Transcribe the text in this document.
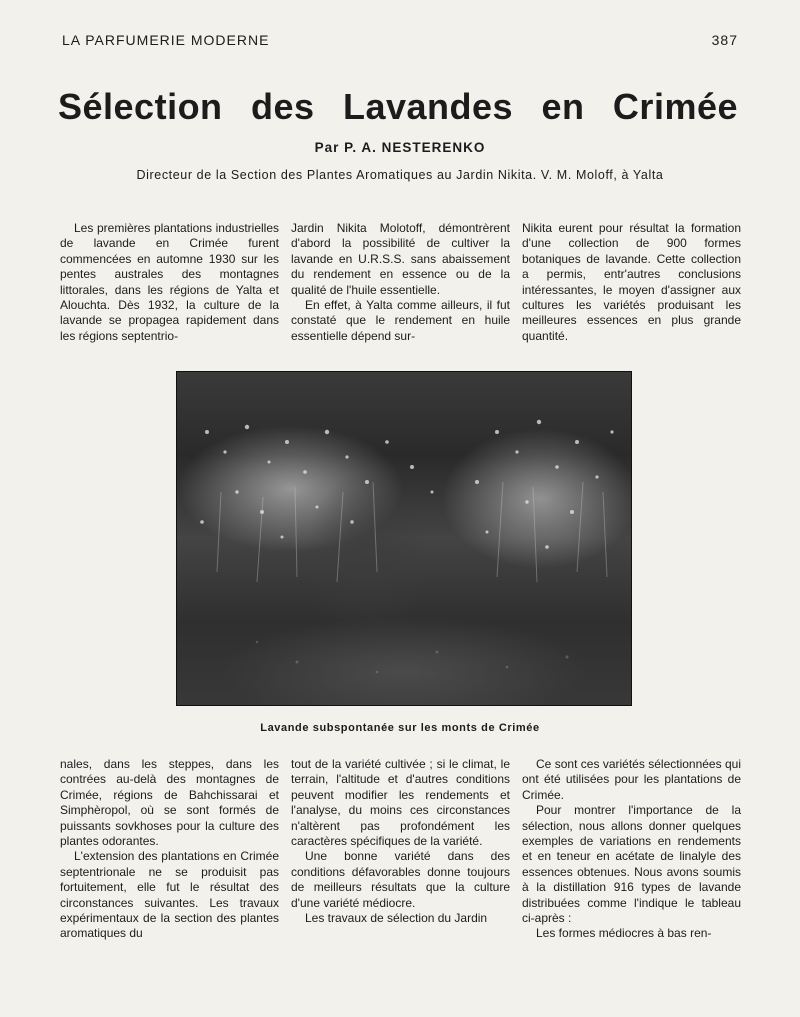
LA PARFUMERIE MODERNE	387
Sélection des Lavandes en Crimée
Par P. A. NESTERENKO
Directeur de la Section des Plantes Aromatiques au Jardin Nikita. V. M. Moloff, à Yalta

Les premières plantations industrielles de lavande en Crimée furent commencées en automne 1930 sur les pentes australes des montagnes littorales, dans les régions de Yalta et Alouchta. Dès 1932, la culture de la lavande se propagea rapidement dans les régions septentrio-

Jardin Nikita Molotoff, démontrèrent d'abord la possibilité de cultiver la lavande en U.R.S.S. sans abaissement du rendement en essence ou de la qualité de l'huile essentielle.

En effet, à Yalta comme ailleurs, il fut constaté que le rendement en huile essentielle dépend sur-

Nikita eurent pour résultat la formation d'une collection de 900 formes botaniques de lavande. Cette collection a permis, entr'autres conclusions intéressantes, le moyen d'assigner aux cultures les variétés produisant les meilleures essences en plus grande quantité.

Lavande subspontanée sur les monts de Crimée

nales, dans les steppes, dans les contrées au-delà des montagnes de Crimée, régions de Bahchissarai et Simphèropol, où se sont formés de puissants sovkhoses pour la culture des plantes odorantes.

L'extension des plantations en Crimée septentrionale ne se produisit pas fortuitement, elle fut le résultat des circonstances suivantes. Les travaux expérimentaux de la section des plantes aromatiques du

tout de la variété cultivée ; si le climat, le terrain, l'altitude et d'autres conditions peuvent modifier les rendements et l'analyse, du moins ces circonstances n'altèrent pas profondément les caractères spécifiques de la variété.

Une bonne variété dans des conditions défavorables donne toujours de meilleurs résultats que la culture d'une variété médiocre.

Les travaux de sélection du Jardin

Ce sont ces variétés sélectionnées qui ont été utilisées pour les plantations de Crimée.

Pour montrer l'importance de la sélection, nous allons donner quelques exemples de variations en rendements et en teneur en acétate de linalyle des essences obtenues. Nous avons soumis à la distillation 916 types de lavande distribuées comme l'indique le tableau ci-après :

Les formes médiocres à bas ren-
